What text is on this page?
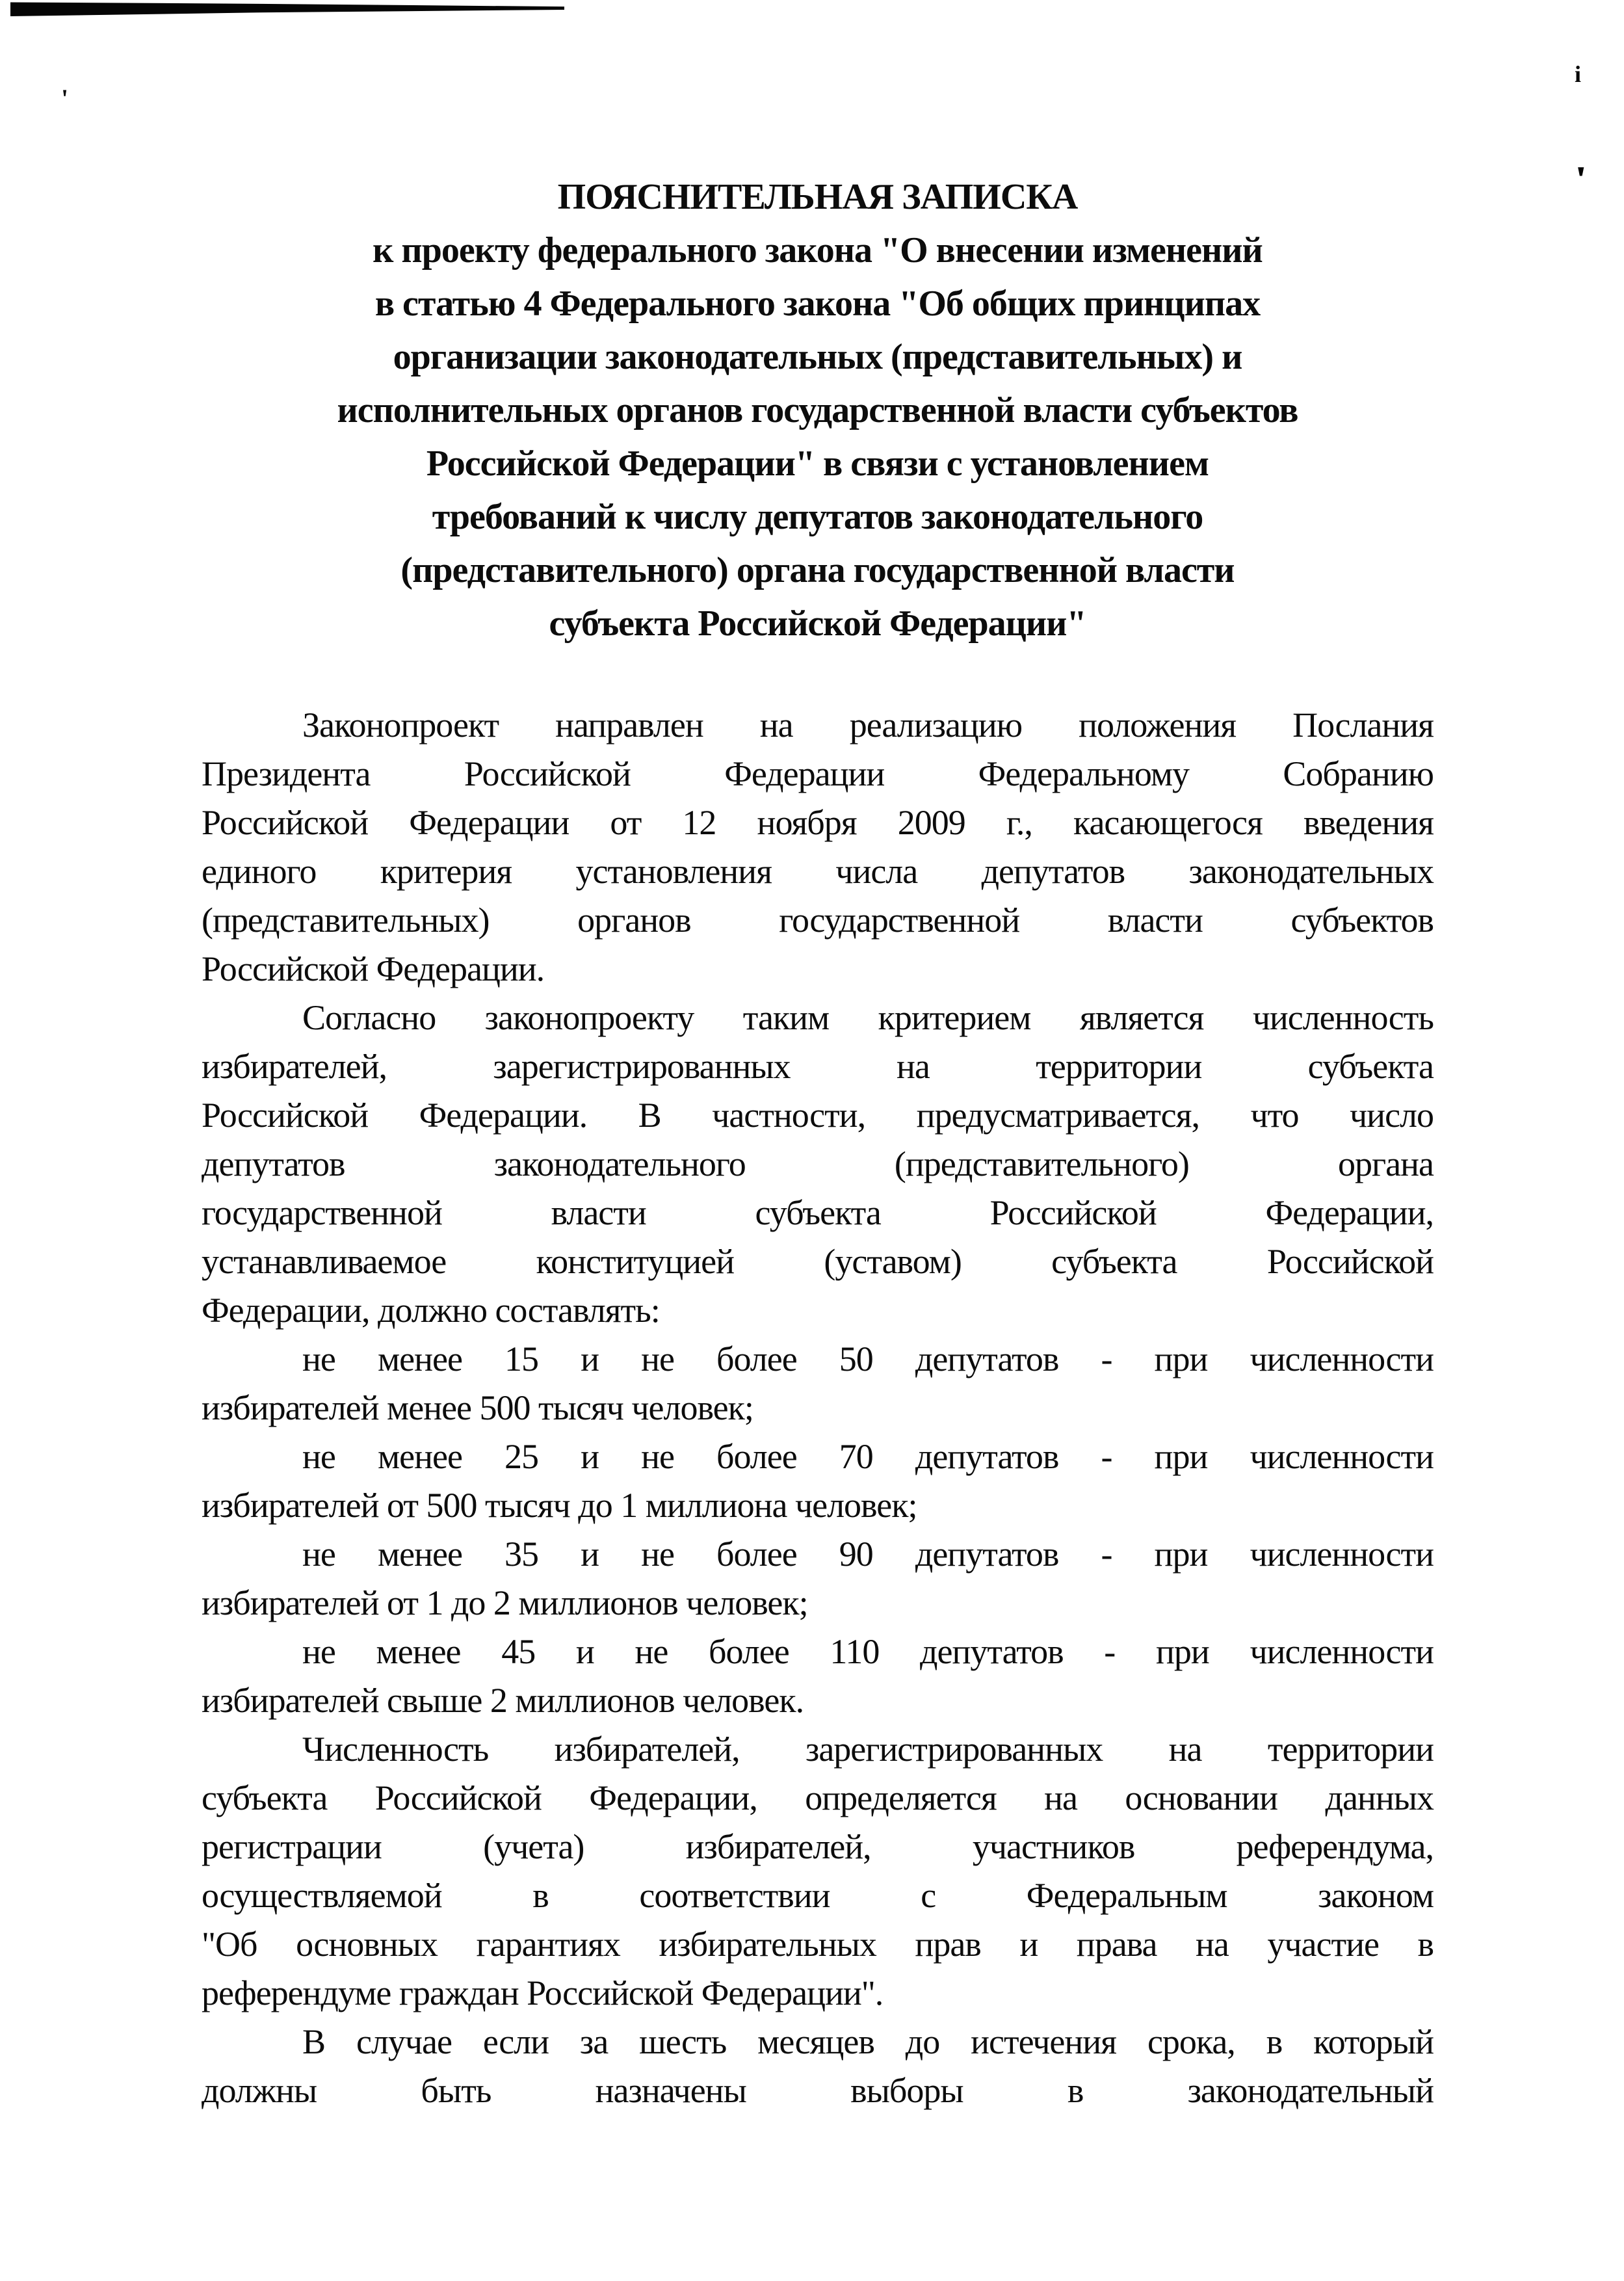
'
i
'
ПОЯСНИТЕЛЬНАЯ ЗАПИСКА
к проекту федерального закона "О внесении изменений
в статью 4 Федерального закона "Об общих принципах
организации законодательных (представительных) и
исполнительных органов государственной власти субъектов
Российской Федерации" в связи с установлением
требований к числу депутатов законодательного
(представительного) органа государственной власти
субъекта Российской Федерации"
Законопроект направлен на реализацию положения Послания
Президента Российской Федерации Федеральному Собранию
Российской Федерации от 12 ноября 2009 г., касающегося введения
единого критерия установления числа депутатов законодательных
(представительных) органов государственной власти субъектов
Российской Федерации.
Согласно законопроекту таким критерием является численность
избирателей, зарегистрированных на территории субъекта
Российской Федерации. В частности, предусматривается, что число
депутатов законодательного (представительного) органа
государственной власти субъекта Российской Федерации,
устанавливаемое конституцией (уставом) субъекта Российской
Федерации, должно составлять:
не менее 15 и не более 50 депутатов - при численности
избирателей менее 500 тысяч человек;
не менее 25 и не более 70 депутатов - при численности
избирателей от 500 тысяч до 1 миллиона человек;
не менее 35 и не более 90 депутатов - при численности
избирателей от 1 до 2 миллионов человек;
не менее 45 и не более 110 депутатов - при численности
избирателей свыше 2 миллионов человек.
Численность избирателей, зарегистрированных на территории
субъекта Российской Федерации, определяется на основании данных
регистрации (учета) избирателей, участников референдума,
осуществляемой в соответствии с Федеральным законом
"Об основных гарантиях избирательных прав и права на участие в
референдуме граждан Российской Федерации".
В случае если за шесть месяцев до истечения срока, в который
должны быть назначены выборы в законодательный
